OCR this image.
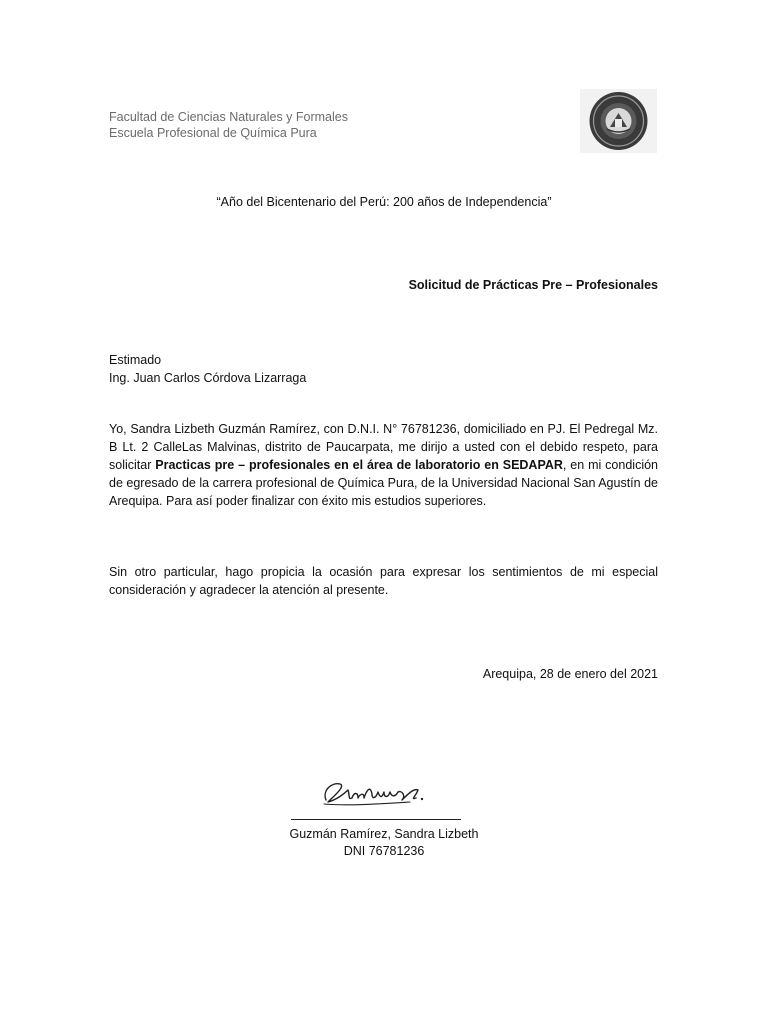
Facultad de Ciencias Naturales y Formales
Escuela Profesional de Química Pura
“Año del Bicentenario del Perú: 200 años de Independencia”
Solicitud de Prácticas Pre – Profesionales
Estimado
Ing. Juan Carlos Córdova Lizarraga
Yo, Sandra Lizbeth Guzmán Ramírez, con D.N.I. N° 76781236, domiciliado en PJ. El Pedregal Mz. B Lt. 2 CalleLas Malvinas, distrito de Paucarpata, me dirijo a usted con el debido respeto, para solicitar Practicas pre – profesionales en el área de laboratorio en SEDAPAR, en mi condición de egresado de la carrera profesional de Química Pura, de la Universidad Nacional San Agustín de Arequipa. Para así poder finalizar con éxito mis estudios superiores.
Sin otro particular, hago propicia la ocasión para expresar los sentimientos de mi especial consideración y agradecer la atención al presente.
Arequipa, 28 de enero del 2021
Guzmán Ramírez, Sandra Lizbeth
DNI 76781236
